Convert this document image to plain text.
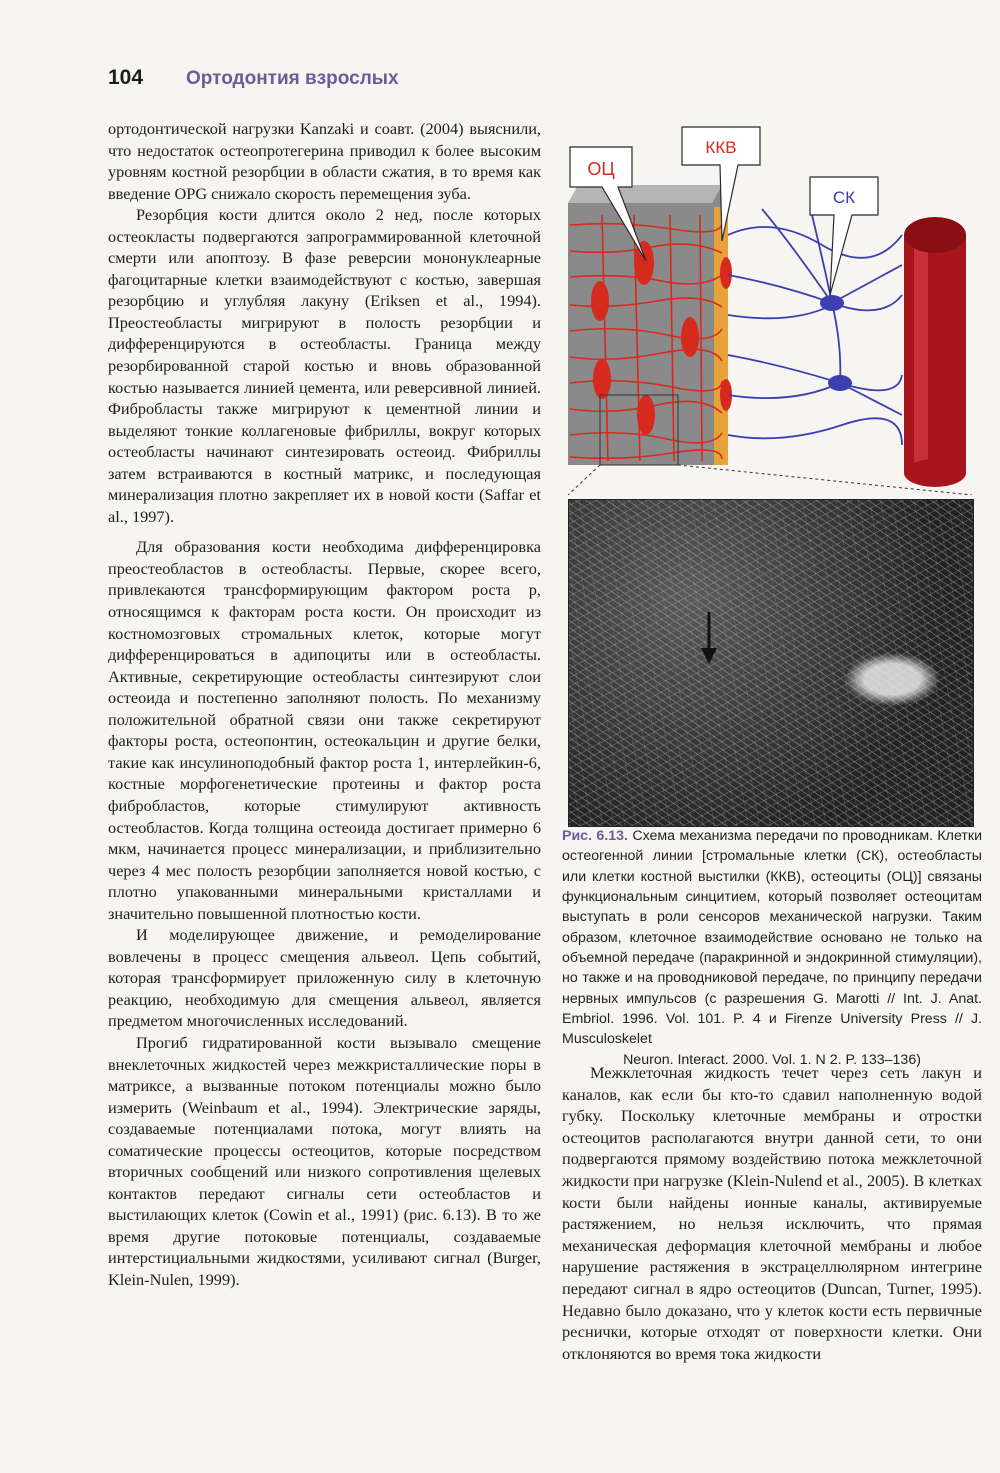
104 Ортодонтия взрослых

ортодонтической нагрузки Kanzaki и соавт. (2004) выяснили, что недостаток остеопротегерина приводил к более высоким уровням костной резорбции в области сжатия, в то время как введение OPG снижало скорость перемещения зуба.

Резорбция кости длится около 2 нед, после которых остеокласты подвергаются запрограммированной клеточной смерти или апоптозу. В фазе реверсии мононуклеарные фагоцитарные клетки взаимодействуют с костью, завершая резорбцию и углубляя лакуну (Eriksen et al., 1994). Преостеобласты мигрируют в полость резорбции и дифференцируются в остеобласты. Граница между резорбированной старой костью и вновь образованной костью называется линией цемента, или реверсивной линией. Фибробласты также мигрируют к цементной линии и выделяют тонкие коллагеновые фибриллы, вокруг которых остеобласты начинают синтезировать остеоид. Фибриллы затем встраиваются в костный матрикс, и последующая минерализация плотно закрепляет их в новой кости (Saffar et al., 1997).

Для образования кости необходима дифференцировка преостеобластов в остеобласты. Первые, скорее всего, привлекаются трансформирующим фактором роста р, относящимся к факторам роста кости. Он происходит из костномозговых стромальных клеток, которые могут дифференцироваться в адипоциты или в остеобласты. Активные, секретирующие остеобласты синтезируют слои остеоида и постепенно заполняют полость. По механизму положительной обратной связи они также секретируют факторы роста, остеопонтин, остеокальцин и другие белки, такие как инсулиноподобный фактор роста 1, интерлейкин-6, костные морфогенетические протеины и фактор роста фибробластов, которые стимулируют активность остеобластов. Когда толщина остеоида достигает примерно 6 мкм, начинается процесс минерализации, и приблизительно через 4 мес полость резорбции заполняется новой костью, с плотно упакованными минеральными кристаллами и значительно повышенной плотностью кости.

И моделирующее движение, и ремоделирование вовлечены в процесс смещения альвеол. Цепь событий, которая трансформирует приложенную силу в клеточную реакцию, необходимую для смещения альвеол, является предметом многочисленных исследований.

Прогиб гидратированной кости вызывало смещение внеклеточных жидкостей через межкристаллические поры в матриксе, а вызванные потоком потенциалы можно было измерить (Weinbaum et al., 1994). Электрические заряды, создаваемые потенциалами потока, могут влиять на соматические процессы остеоцитов, которые посредством вторичных сообщений или низкого сопротивления щелевых контактов передают сигналы сети остеобластов и выстилающих клеток (Cowin et al., 1991) (рис. 6.13). В то же время другие потоковые потенциалы, создаваемые интерстициальными жидкостями, усиливают сигнал (Burger, Klein-Nulen, 1999).

ОЦ
ККВ
СК
Рис. 6.13. Схема механизма передачи по проводникам. Клетки остеогенной линии [стромальные клетки (СК), остеобласты или клетки костной выстилки (ККВ), остеоциты (ОЦ)] связаны функциональным синцитием, который позволяет остеоцитам выступать в роли сенсоров механической нагрузки. Таким образом, клеточное взаимодействие основано не только на объемной передаче (паракринной и эндокринной стимуляции), но также и на проводниковой передаче, по принципу передачи нервных импульсов (с разрешения G. Marotti // Int. J. Anat. Embriol. 1996. Vol. 101. P. 4 и Firenze University Press // J. Musculoskelet
Neuron. Interact. 2000. Vol. 1. N 2. P. 133–136)

Межклеточная жидкость течет через сеть лакун и каналов, как если бы кто-то сдавил наполненную водой губку. Поскольку клеточные мембраны и отростки остеоцитов располагаются внутри данной сети, то они подвергаются прямому воздействию потока межклеточной жидкости при нагрузке (Klein-Nulend et al., 2005). В клетках кости были найдены ионные каналы, активируемые растяжением, но нельзя исключить, что прямая механическая деформация клеточной мембраны и любое нарушение растяжения в экстрацеллюлярном интегрине передают сигнал в ядро остеоцитов (Duncan, Turner, 1995). Недавно было доказано, что у клеток кости есть первичные реснички, которые отходят от поверхности клетки. Они отклоняются во время тока жидкости
